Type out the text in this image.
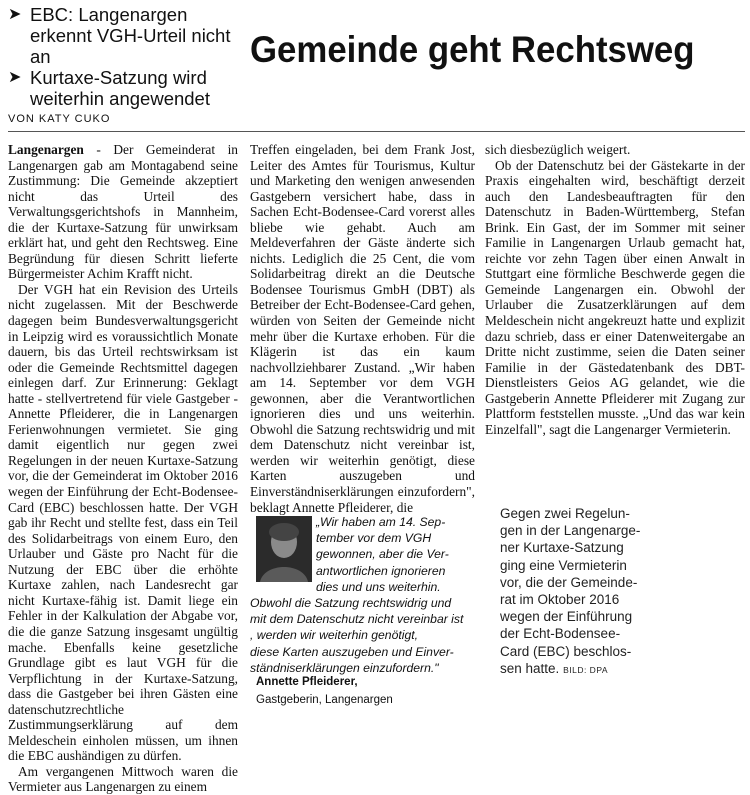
➤ EBC: Langenargen erkennt VGH-Urteil nicht an
➤ Kurtaxe-Satzung wird weiterhin angewendet
Gemeinde geht Rechtsweg
VON KATY CUKO

Langenargen - Der Gemeinderat in Langenargen gab am Montagabend seine Zustimmung: Die Gemeinde akzeptiert nicht das Urteil des Verwaltungsgerichtshofs in Mannheim, die der Kurtaxe-Satzung für unwirksam erklärt hat, und geht den Rechtsweg. Eine Begründung für diesen Schritt lieferte Bürgermeister Achim Krafft nicht.

Der VGH hat ein Revision des Urteils nicht zugelassen. Mit der Beschwerde dagegen beim Bundesverwaltungsgericht in Leipzig wird es voraussichtlich Monate dauern, bis das Urteil rechtswirksam ist oder die Gemeinde Rechtsmittel dagegen einlegen darf. Zur Erinnerung: Geklagt hatte - stellvertretend für viele Gastgeber - Annette Pfleiderer, die in Langenargen Ferienwohnungen vermietet. Sie ging damit eigentlich nur gegen zwei Regelungen in der neuen Kurtaxe-Satzung vor, die der Gemeinderat im Oktober 2016 wegen der Einführung der Echt-Bodensee-Card (EBC) beschlossen hatte. Der VGH gab ihr Recht und stellte fest, dass ein Teil des Solidarbeitrags von einem Euro, den Urlauber und Gäste pro Nacht für die Nutzung der EBC über die erhöhte Kurtaxe zahlen, nach Landesrecht gar nicht Kurtaxe-fähig ist. Damit liege ein Fehler in der Kalkulation der Abgabe vor, die die ganze Satzung insgesamt ungültig mache. Ebenfalls keine gesetzliche Grundlage gibt es laut VGH für die Verpflichtung in der Kurtaxe-Satzung, dass die Gastgeber bei ihren Gästen eine datenschutzrechtliche Zustimmungserklärung auf dem Meldeschein einholen müssen, um ihnen die EBC aushändigen zu dürfen.

Am vergangenen Mittwoch waren die Vermieter aus Langenargen zu einem

Treffen eingeladen, bei dem Frank Jost, Leiter des Amtes für Tourismus, Kultur und Marketing den wenigen anwesenden Gastgebern versichert habe, dass in Sachen Echt-Bodensee-Card vorerst alles bliebe wie gehabt. Auch am Meldeverfahren der Gäste änderte sich nichts. Lediglich die 25 Cent, die vom Solidarbeitrag direkt an die Deutsche Bodensee Tourismus GmbH (DBT) als Betreiber der Echt-Bodensee-Card gehen, würden von Seiten der Gemeinde nicht mehr über die Kurtaxe erhoben. Für die Klägerin ist das ein kaum nachvollziehbarer Zustand. „Wir haben am 14. September vor dem VGH gewonnen, aber die Verantwortlichen ignorieren dies und uns weiterhin. Obwohl die Satzung rechtswidrig und mit dem Datenschutz nicht vereinbar ist, werden wir weiterhin genötigt, diese Karten auszugeben und Einverständniserklärungen einzufordern", beklagt Annette Pfleiderer, die

sich diesbezüglich weigert.

Ob der Datenschutz bei der Gästekarte in der Praxis eingehalten wird, beschäftigt derzeit auch den Landesbeauftragten für den Datenschutz in Baden-Württemberg, Stefan Brink. Ein Gast, der im Sommer mit seiner Familie in Langenargen Urlaub gemacht hat, reichte vor zehn Tagen über einen Anwalt in Stuttgart eine förmliche Beschwerde gegen die Gemeinde Langenargen ein. Obwohl der Urlauber die Zusatzerklärungen auf dem Meldeschein nicht angekreuzt hatte und explizit dazu schrieb, dass er einer Datenweitergabe an Dritte nicht zustimme, seien die Daten seiner Familie in der Gästedatenbank des DBT-Dienstleisters Geios AG gelandet, wie die Gastgeberin Annette Pfleiderer mit Zugang zur Plattform feststellen musste. „Und das war kein Einzelfall", sagt die Langenarger Vermieterin.

„Wir haben am 14. Sep-
tember vor dem VGH
gewonnen, aber die Ver-
antwortlichen ignorieren
dies und uns weiterhin.
Obwohl die Satzung rechtswidrig und
mit dem Datenschutz nicht vereinbar ist
, werden wir weiterhin genötigt,
diese Karten auszugeben und Einver-
ständniserklärungen einzufordern."
Annette Pfleiderer,
Gastgeberin, Langenargen
Gegen zwei Regelun-
gen in der Langenarge-
ner Kurtaxe-Satzung
ging eine Vermieterin
vor, die der Gemeinde-
rat im Oktober 2016
wegen der Einführung
der Echt-Bodensee-
Card (EBC) beschlos-
sen hatte. BILD: DPA
